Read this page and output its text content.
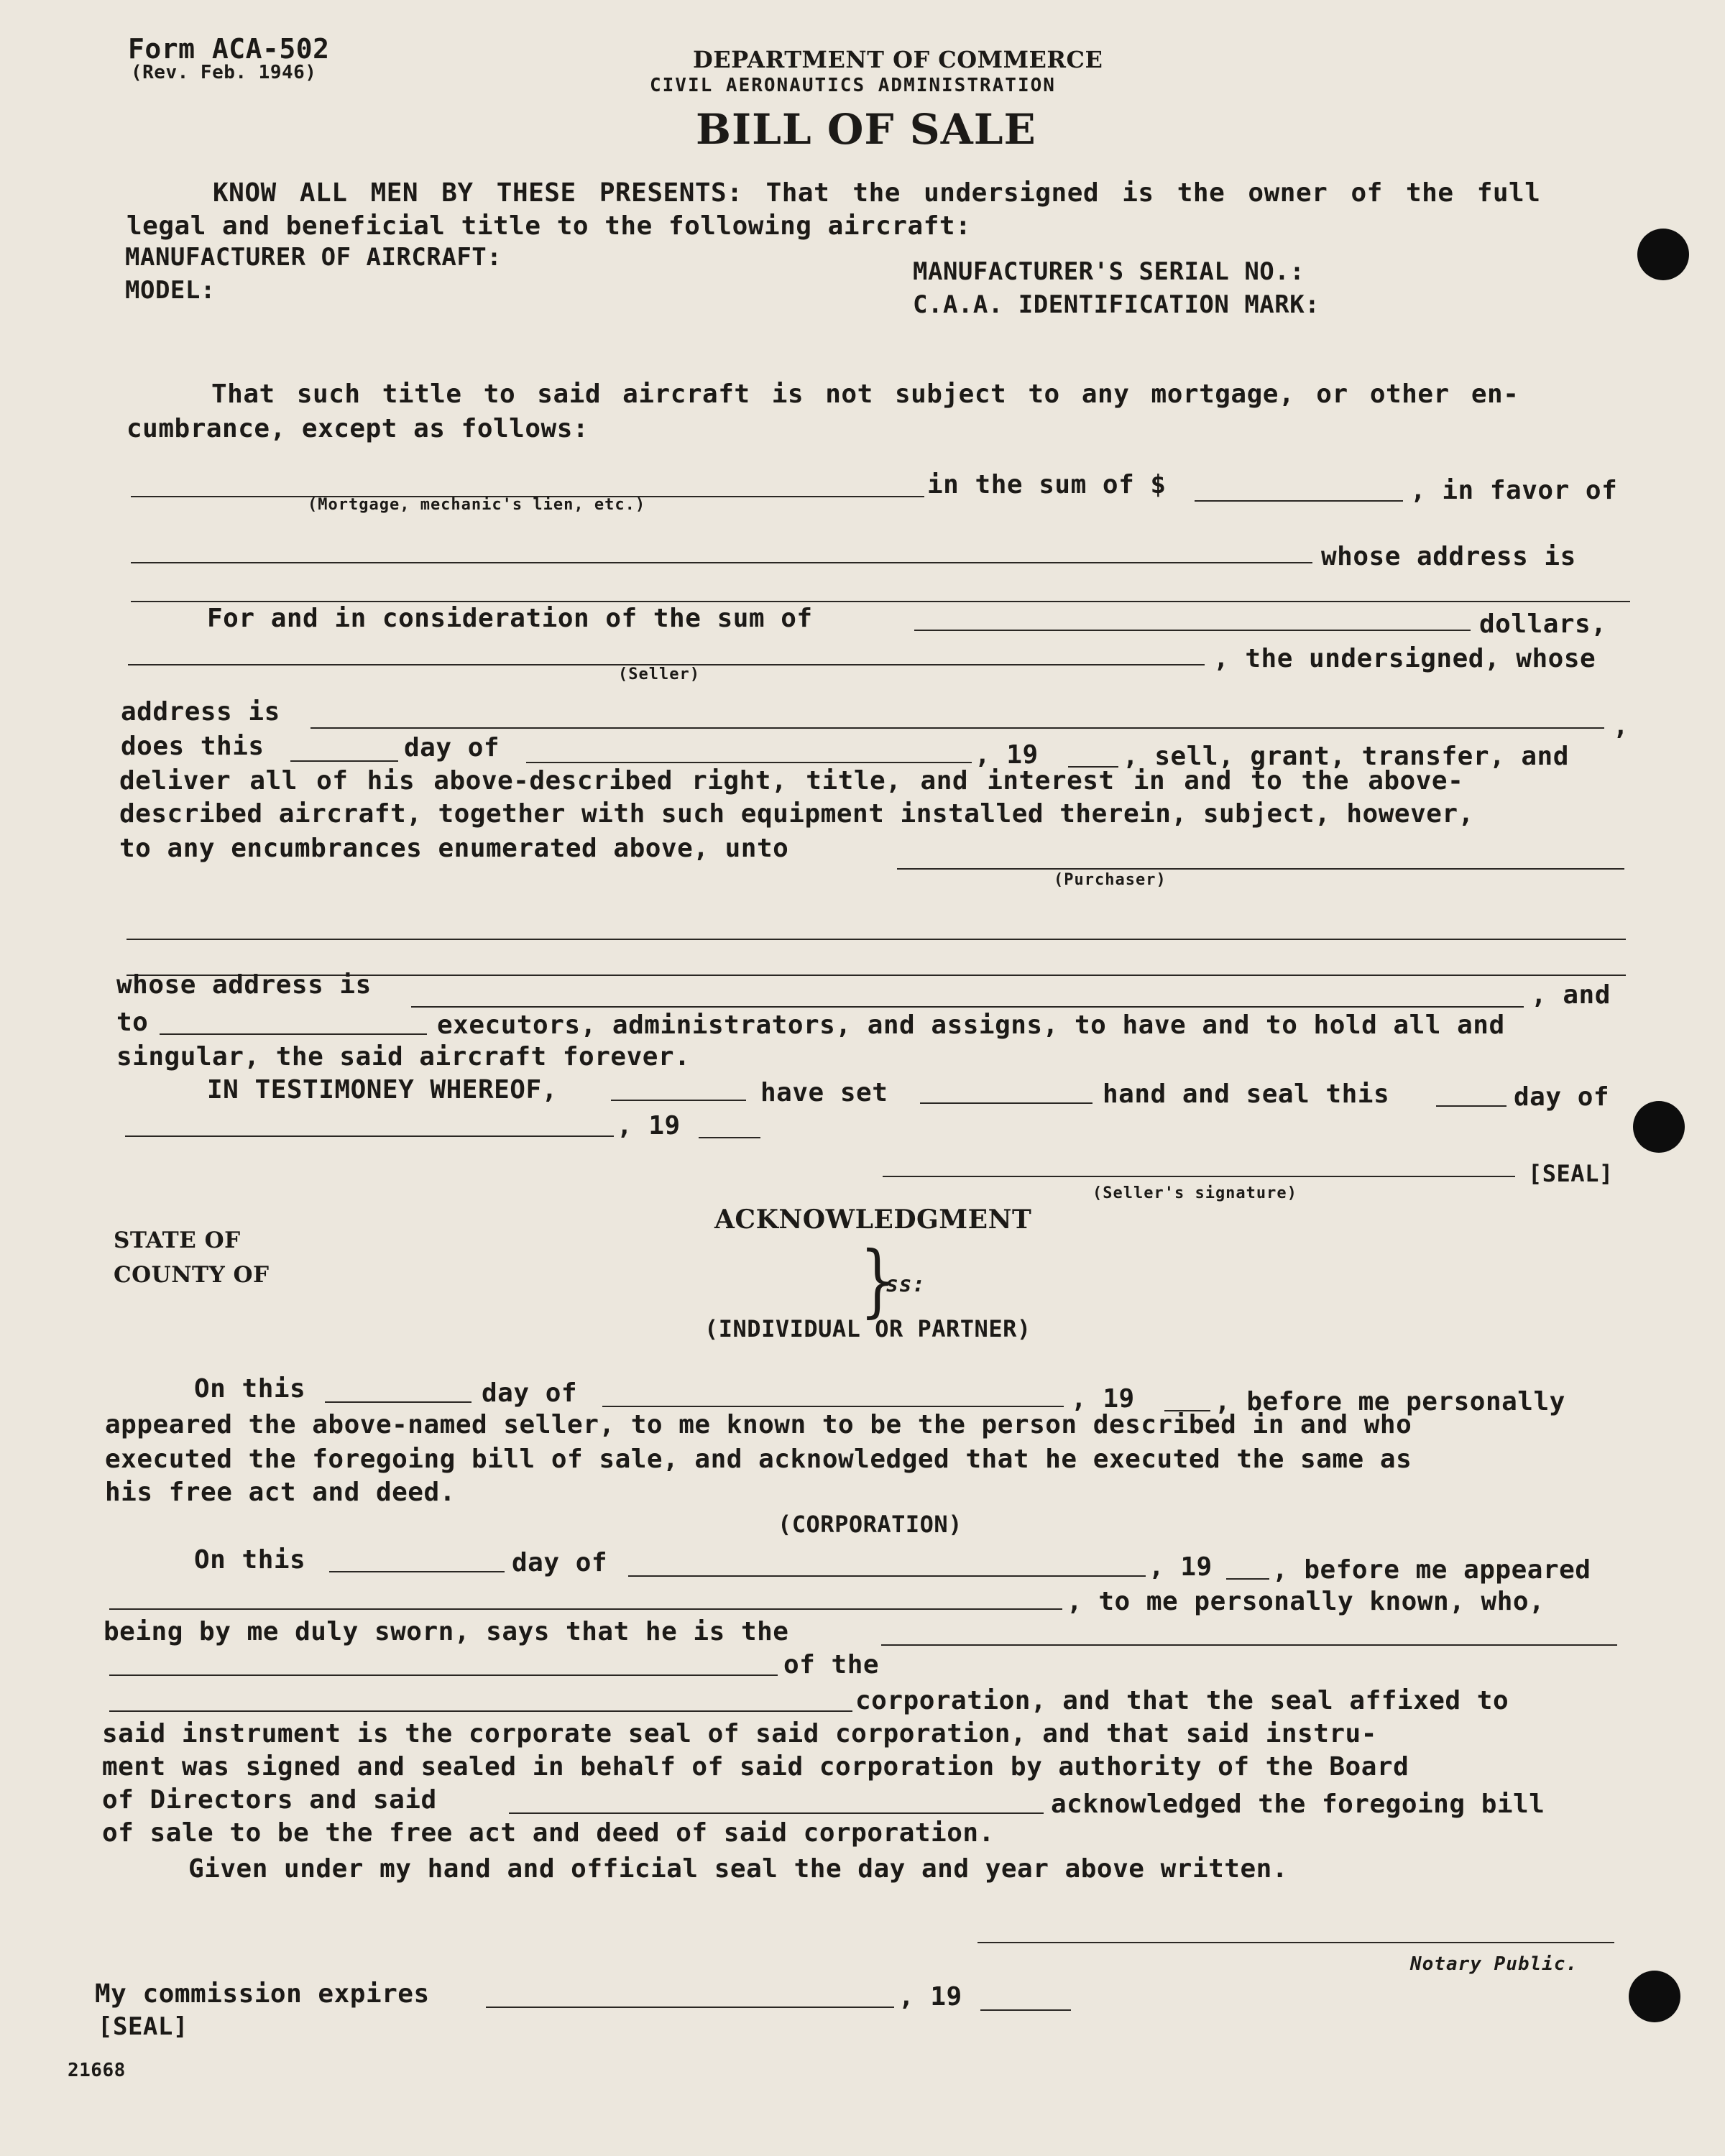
Form ACA-502
(Rev. Feb. 1946)	DEPARTMENT OF COMMERCE
CIVIL AERONAUTICS ADMINISTRATION
BILL OF SALE
KNOW ALL MEN BY THESE PRESENTS: That the undersigned is the owner of the full
legal and beneficial title to the following aircraft:
MANUFACTURER OF AIRCRAFT:
MODEL:
MANUFACTURER'S SERIAL NO.:
C.A.A. IDENTIFICATION MARK:
That such title to said aircraft is not subject to any mortgage, or other en-
cumbrance, except as follows:
in the sum of $	, in favor of
(Mortgage, mechanic's lien, etc.)
whose address is
For and in consideration of the sum of	dollars,
, the undersigned, whose
(Seller)
address is	,
does this	day of	, 19	, sell, grant, transfer, and
deliver all of his above-described right, title, and interest in and to the above-
described aircraft, together with such equipment installed therein, subject, however,
to any encumbrances enumerated above, unto
(Purchaser)
whose address is	, and
to	executors, administrators, and assigns, to have and to hold all and
singular, the said aircraft forever.
IN TESTIMONEY WHEREOF,	have set	hand and seal this	day of
, 19
[SEAL]
(Seller's signature)
ACKNOWLEDGMENT
STATE OF
COUNTY OF	}
ss:
(INDIVIDUAL OR PARTNER)
On this	day of	, 19	, before me personally
appeared the above-named seller, to me known to be the person described in and who
executed the foregoing bill of sale, and acknowledged that he executed the same as
his free act and deed.
(CORPORATION)
On this	day of	, 19 , before me appeared
, to me personally known, who,
being by me duly sworn, says that he is the
of the
corporation, and that the seal affixed to
said instrument is the corporate seal of said corporation, and that said instru-
ment was signed and sealed in behalf of said corporation by authority of the Board
of Directors and said	acknowledged the foregoing bill
of sale to be the free act and deed of said corporation.
Given under my hand and official seal the day and year above written.
Notary Public.
My commission expires	, 19
[SEAL]
21668
